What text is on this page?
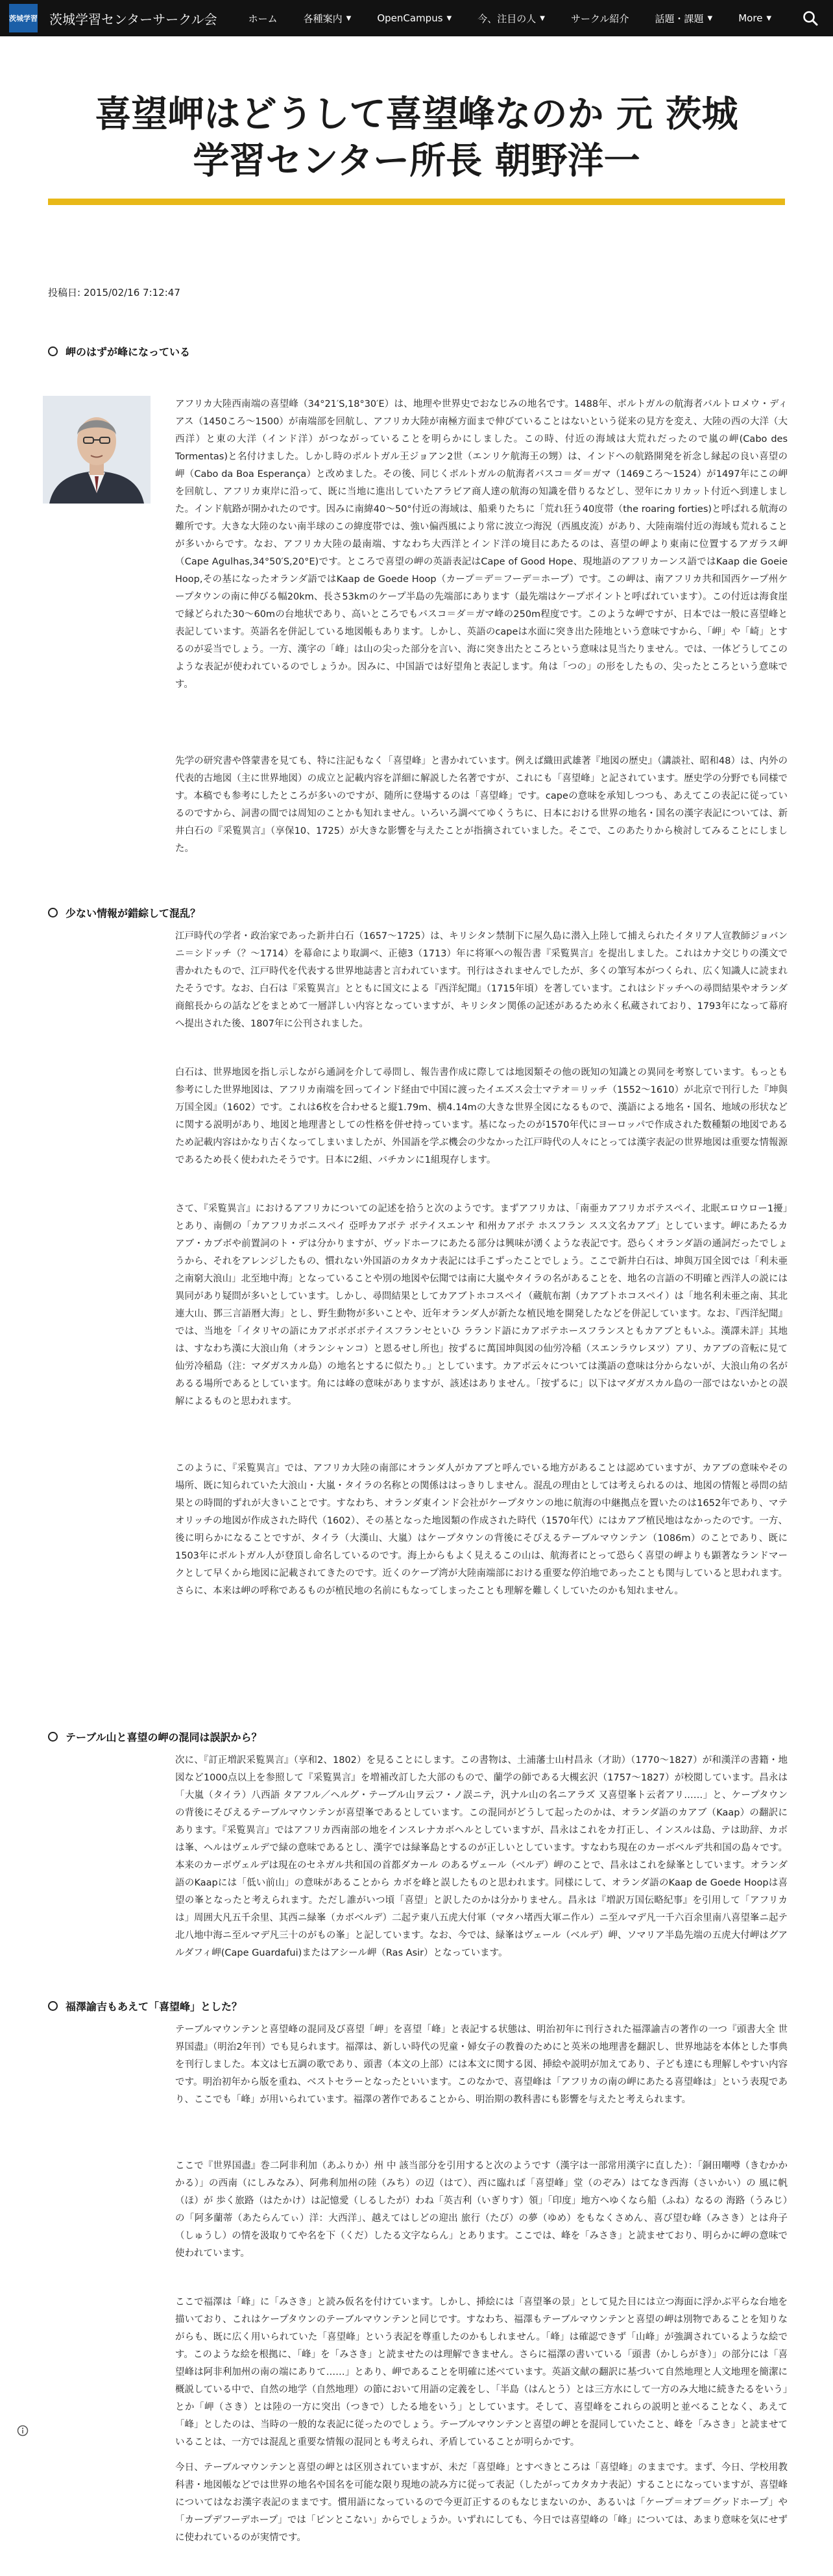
茨城学習 茨城学習センターサークル会	ホーム	各種案内 ▼	OpenCampus ▼	今、注目の人 ▼	サークル紹介	話題・課題 ▼	More ▼
喜望岬はどうして喜望峰なのか 元 茨城
学習センター所長 朝野洋一
投稿日: 2015/02/16 7:12:47
岬のはずが峰になっている

アフリカ大陸西南端の喜望峰（34°21′S,18°30′E）は、地理や世界史でおなじみの地名です。1488年、ポルトガルの航海者バルトロメウ・ディアス（1450ころ〜1500）が南端部を回航し、アフリカ大陸が南極方面まで伸びていることはないという従来の見方を変え、大陸の西の大洋（大西洋）と東の大洋（インド洋）がつながっていることを明らかにしました。この時、付近の海域は大荒れだったので嵐の岬(Cabo des Tormentas)と名付けました。しかし時のポルトガル王ジョアン2世（エンリケ航海王の甥）は、インドへの航路開発を祈念し縁起の良い喜望の岬（Cabo da Boa Esperança）と改めました。その後、同じくポルトガルの航海者バスコ＝ダ＝ガマ（1469ころ〜1524）が1497年にこの岬を回航し、アフリカ東岸に沿って、既に当地に進出していたアラビア商人達の航海の知識を借りるなどし、翌年にカリカット付近へ到達しました。インド航路が開かれたのです。因みに南緯40〜50°付近の海域は、船乗りたちに「荒れ狂う40度帯（the roaring forties)と呼ばれる航海の難所です。大きな大陸のない南半球のこの緯度帯では、強い偏西風により常に波立つ海況（西風皮流）があり、大陸南端付近の海域も荒れることが多いからです。なお、アフリカ大陸の最南端、すなわち大西洋とインド洋の境目にあたるのは、喜望の岬より東南に位置するアガラス岬（Cape Agulhas,34°50′S,20°E)です。ところで喜望の岬の英語表記はCape of Good Hope、現地語のアフリカーンス語ではKaap die Goeie Hoop,その基になったオランダ語ではKaap de Goede Hoop（カープ＝デ＝フーデ＝ホープ）です。この岬は、南アフリカ共和国西ケープ州ケープタウンの南に伸びる幅20km、長さ53kmのケープ半島の先端部にあります（最先端はケープポイントと呼ばれています）。この付近は海食崖で縁どられた30〜60mの台地状であり、高いところでもバスコ＝ダ＝ガマ峰の250m程度です。このような岬ですが、日本では一般に喜望峰と表記しています。英語名を併記している地図帳もあります。しかし、英語のcapeは水面に突き出た陸地という意味ですから、「岬」や「崎」とするのが妥当でしょう。一方、漢字の「峰」は山の尖った部分を言い、海に突き出たところという意味は見当たりません。では、一体どうしてこのような表記が使われているのでしょうか。因みに、中国語では好望角と表記します。角は「つの」の形をしたもの、尖ったところという意味です。

先学の研究書や啓蒙書を見ても、特に注記もなく「喜望峰」と書かれています。例えば織田武雄著『地図の歴史』（講談社、昭和48）は、内外の代表的古地図（主に世界地図）の成立と記載内容を詳細に解説した名著ですが、これにも「喜望峰」と記されています。歴史学の分野でも同様です。本稿でも参考にしたところが多いのですが、随所に登場するのは「喜望峰」です。capeの意味を承知しつつも、あえてこの表記に従っているのですから、詞書の間では周知のことかも知れません。いろいろ調べてゆくうちに、日本における世界の地名・国名の漢字表記については、新井白石の『采覧異言』（享保10、1725）が大きな影響を与えたことが指摘されていました。そこで、このあたりから検討してみることにしました。

少ない情報が錯綜して混乱？

江戸時代の学者・政治家であった新井白石（1657〜1725）は、キリシタン禁制下に屋久島に潜入上陸して捕えられたイタリア人宣教師ジョバンニ＝シドッチ（？〜1714）を幕命により取調べ、正徳3（1713）年に将軍への報告書『采覧異言』を提出しました。これはカナ交じりの漢文で書かれたもので、江戸時代を代表する世界地誌書と言われています。刊行はされませんでしたが、多くの筆写本がつくられ、広く知識人に読まれたそうです。なお、白石は『采覧異言』とともに国文による『西洋紀聞』（1715年頃）を著しています。これはシドッチへの尋問結果やオランダ商館長からの話などをまとめて一層詳しい内容となっていますが、キリシタン関係の記述があるため永く私蔵されており、1793年になって幕府へ提出された後、1807年に公刊されました。

白石は、世界地図を指し示しながら通詞を介して尋問し、報告書作成に際しては地図類その他の既知の知識との異同を考察しています。もっとも参考にした世界地図は、アフリカ南端を回ってインド経由で中国に渡ったイエズス会士マテオ＝リッチ（1552〜1610）が北京で刊行した『坤與万国全図』（1602）です。これは6枚を合わせると縦1.79m、横4.14mの大きな世界全図になるもので、漢語による地名・国名、地域の形状などに関する説明があり、地図と地理書としての性格を併せ持っています。基になったのが1570年代にヨーロッパで作成された数種類の地図であるため記載内容はかなり古くなってしまいましたが、外国語を学ぶ機会の少なかった江戸時代の人々にとっては漢字表記の世界地図は重要な情報源であるため長く使われたそうです。日本に2組、バチカンに1組現存します。

さて、『采覧異言』におけるアフリカについての記述を拾うと次のようです。まずアフリカは、「南亜カアフリカボテスペイ、北眠エロウロー1擾」とあり、南側の「カアフリカボニスペイ 亞呼カアボテ ボテイスエンヤ 和州カアボテ ホスフラン スス文名カアブ」としています。岬にあたるカアブ・カブボや前置詞のト・デは分かりますが、ヴッドホーフにあたる部分は興味が湧くような表記です。恐らくオランダ語の通詞だったでしょうから、それをアレンジしたもの、慣れない外国語のカタカナ表記には手こずったことでしょう。ここで新井白石は、坤與万国全図では「利未亜之南窮大浪山」北至地中海」となっていることや別の地図や伝聞では南に大嵐やタイラの名があることを、地名の言語の不明確と西洋人の説には異同があり疑問が多いとしています。しかし、尋問結果としてカアブトホコスペイ（蔵航布割（カアブトホコスペイ）は「地名利未亜之南、其北連大山、鄧三言語暦大海」とし、野生動物が多いことや、近年オランダ人が新たな植民地を開発したなどを併記しています。なお、『西洋紀聞』では、当地を「イタリヤの語にカアボボボボテイスフランセといひ ラランド語にカアボテホースフランスともカアブともいふ。漢譯未詳」其地は、すなわち漢に大浪山角（オランシャンコ）と恩るせし所也」按ずるに萬国坤與図の仙労冷稲（スエンラウレヌツ）アリ、カアブの音転に見て仙労冷稲島（注：マダガスカル島）の地名とするに似たり。」としています。カアボ云々については漢語の意味は分からないが、大浪山角の名があるる場所であるとしています。角には峰の意味がありますが、該述はありません。「按ずるに」以下はマダガスカル島の一部ではないかとの誤解によるものと思われます。

このように、『采覧異言』では、アフリカ大陸の南部にオランダ人がカアブと呼んでいる地方があることは認めていますが、カアブの意味やその場所、既に知られていた大浪山・大嵐・タイラの名称との関係ははっきりしません。混乱の理由としては考えられるのは、地図の情報と尋問の結果との時間的ずれが大きいことです。すなわち、オランダ東インド会社がケープタウンの地に航海の中継拠点を置いたのは1652年であり、マテオリッチの地図が作成された時代（1602）、その基となった地図類の作成された時代（1570年代）にはカアブ植民地はなかったのです。一方、後に明らかになることですが、タイラ（大漢山、大嵐）はケープタウンの背後にそびえるテーブルマウンテン（1086m）のことであり、既に1503年にポルトガル人が登頂し命名しているのです。海上からもよく見えるこの山は、航海者にとって恐らく喜望の岬よりも顕著なランドマークとして早くから地図に記載されてきたのです。近くのケープ湾が大陸南端部における重要な停泊地であったことも関与していると思われます。さらに、本来は岬の呼称であるものが植民地の名前にもなってしまったことも理解を難しくしていたのかも知れません。

テーブル山と喜望の岬の混同は誤訳から？

次に、『訂正増訳采覧異言』（享和2、1802）を見ることにします。この書物は、土浦藩士山村昌永（才助）（1770〜1827）が和漢洋の書籍・地図など1000点以上を参照して『采覧異言』を増補改訂した大部のもので、蘭学の師である大槻玄沢（1757〜1827）が校閲しています。昌永は「大嵐（タイラ）八西語 タアフル／ヘルグ・テーブル山ヲ云フ・ノ誤ニテ，汎ナル山の名ニアラズ 又喜望峯ト云者アリ……」と、ケープタウンの背後にそびえるテーブルマウンテンが喜望峯であるとしています。この混同がどうして起ったのかは、オランダ語のカアブ（Kaap）の翻訳にあります。『采覧異言』ではアフリカ西南部の地をインスレナカボヘルとしていますが、昌永はこれをカ打正し、インスルは島、テは助辞、カボは峯、ヘルはヴェルデで緑の意味であるとし、漢字では緑峯島とするのが正しいとしています。すなわち現在のカーボベルデ共和国の島々です。本来のカーボヴェルデは現在のセネガル共和国の首都ダカール のあるヴェール（ベルデ）岬のことで、昌永はこれを緑峯としています。オランダ語のKaapには「低い前山」の意味があることから カボを峰と誤したものと思われます。同様にして、オランダ語のKaap de Goede Hoopは喜望の峯となったと考えられます。ただし誰がいつ頃「喜望」と訳したのかは分かりません。昌永は『増訳万国伝略紀事』を引用して「アフリカは」周囲大凡五千余里、其西ニ緑峯（カボベルデ）二起テ東八五虎大付軍（マタハ堵西大軍ニ作ル）ニ至ルマデ凡一千六百余里南八喜望峯ニ起テ北八地中海ニ至ルマデ凡三十のがもの峯」と記しています。なお、今では、緑峯はヴェール（ベルデ）岬、ソマリア半島先端の五虎大付岬はグアルダフィ岬(Cape Guardafui)またはアシール岬（Ras Asir）となっています。

福澤諭吉もあえて「喜望峰」とした？

テーブルマウンテンと喜望峰の混同及び喜望「岬」を喜望「峰」と表記する状態は、明治初年に刊行された福澤諭吉の著作の一つ『頭書大全 世界国盡』（明治2年刊）でも見られます。福澤は、新しい時代の児童・婦女子の教養のためにと英米の地理書を翻訳し、世界地誌を本体とした事典を刊行しました。本文は七五調の歌であり、頭書（本文の上部）には本文に関する図、挿絵や説明が加えてあり、子ども達にも理解しやすい内容です。明治初年から版を重ね、ベストセラーとなったといいます。このなかで、喜望峰は「アフリカの南の岬にあたる喜望峰は」という表現であり、ここでも「峰」が用いられています。福澤の著作であることから、明治期の教科書にも影響を与えたと考えられます。

ここで『世界国盡』巻二阿非利加（あふりか）州 中 該当部分を引用すると次のようです（漢字は一部常用漢字に直した）：「銅田嘲噂（きむかかかる）」の西南（にしみなみ）、阿弗利加州の陸（みち）の辺（はて）、西に臨れば「喜望峰」堂（のぞみ）はてなき西海（さいかい）の 風に帆（ほ）が 歩く旅路（はたかけ）は記憶愛（しるしたが）わね「英吉利（いぎりす）領」「印度」地方へゆくなら船（ふね）なるの 海路（うみじ）の「阿多蘭蒂（あたらんてぃ）洋：大西洋」、越えてはしどの迎出 旅行（たび）の夢（ゆめ）をもなくさめん、喜び望む峰（みさき）とは舟子（しゅうし）の情を汲取りてや名を下（くだ）したる文字ならん」とあります。ここでは、峰を「みさき」と読ませており、明らかに岬の意味で使われています。

ここで福澤は「峰」に「みさき」と読み仮名を付けています。しかし、挿絵には「喜望峯の景」として見た目には立つ海面に浮かぶ平らな台地を描いており、これはケープタウンのテーブルマウンテンと同じです。すなわち、福澤もテーブルマウンテンと喜望の岬は別物であることを知りながらも、既に広く用いられていた「喜望峰」という表記を尊重したのかもしれません。「峰」は確認できず「山峰」が強調されているような絵です。このような絵を根拠に、「峰」を「みさき」と読ませたのは理解できません。さらに福澤の書いている「頭書（かしらがき）」の部分には「喜望峰は阿非利加州の南の端にありて……」とあり、岬であることを明確に述べています。英語文献の翻訳に基づいて自然地理と人文地理を簡潔に概説している中で、自然の地学（自然地理）の節において用語の定義をし、「半島（はんとう）とは三方水にして一方のみ大地に続きたるをいう」とか「岬（さき）とは陸の一方に突出（つきで）したる地をいう」としています。そして、喜望峰をこれらの説明と並べることなく、あえて「峰」としたのは、当時の一般的な表記に従ったのでしょう。テーブルマウンテンと喜望の岬とを混同していたこと、峰を「みさき」と読ませていることは、一方では混乱と重要な情報の混同とも考えられ、矛盾していることが明らかです。

今日、テーブルマウンテンと喜望の岬とは区別されていますが、未だ「喜望峰」とすべきところは「喜望峰」のままです。まず、今日、学校用教科書・地図帳などでは世界の地名や国名を可能な限り現地の読み方に従って表記（したがってカタカナ表記）することになっていますが、喜望峰についてはなお漢字表記のままです。慣用語になっているので今更訂正するのもなじまないのか、あるいは「ケープ＝オブ＝グッドホープ」や「カープデフーデホープ」では「ピンとこない」からでしょうか。いずれにしても、今日では喜望峰の「峰」については、あまり意味を気にせずに使われているのが実情です。
